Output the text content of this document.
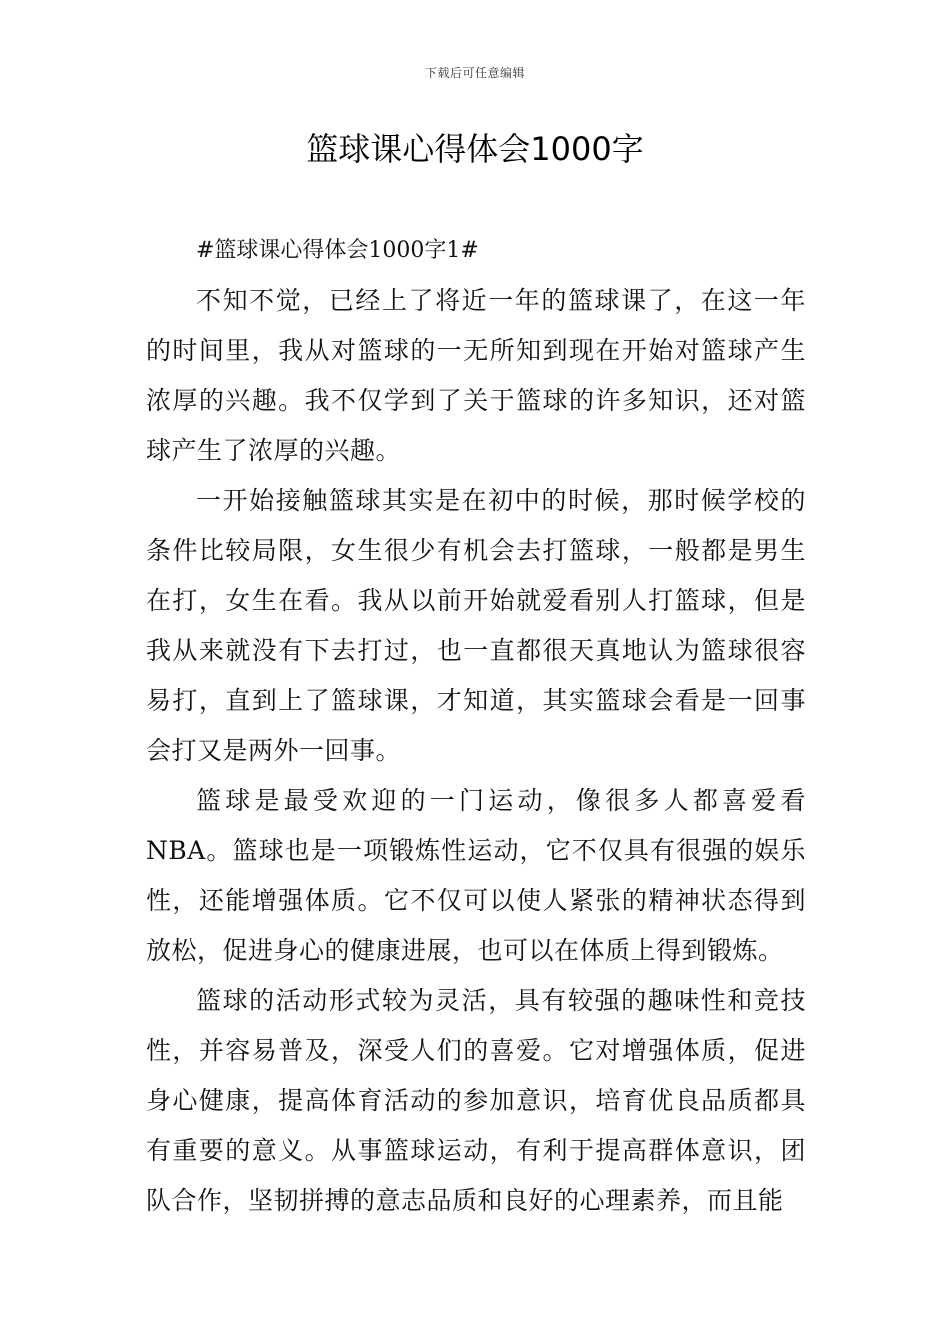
下载后可任意编辑
篮球课心得体会1000字

#篮球课心得体会1000字1#

不知不觉，已经上了将近一年的篮球课了，在这一年的时间里，我从对篮球的一无所知到现在开始对篮球产生浓厚的兴趣。我不仅学到了关于篮球的许多知识，还对篮球产生了浓厚的兴趣。

一开始接触篮球其实是在初中的时候，那时候学校的条件比较局限，女生很少有机会去打篮球，一般都是男生在打，女生在看。我从以前开始就爱看别人打篮球，但是我从来就没有下去打过，也一直都很天真地认为篮球很容易打，直到上了篮球课，才知道，其实篮球会看是一回事会打又是两外一回事。

篮球是最受欢迎的一门运动，像很多人都喜爱看NBA。篮球也是一项锻炼性运动，它不仅具有很强的娱乐性，还能增强体质。它不仅可以使人紧张的精神状态得到放松，促进身心的健康进展，也可以在体质上得到锻炼。

篮球的活动形式较为灵活，具有较强的趣味性和竞技性，并容易普及，深受人们的喜爱。它对增强体质，促进身心健康，提高体育活动的参加意识，培育优良品质都具有重要的意义。从事篮球运动，有利于提高群体意识，团队合作，坚韧拼搏的意志品质和良好的心理素养，而且能
